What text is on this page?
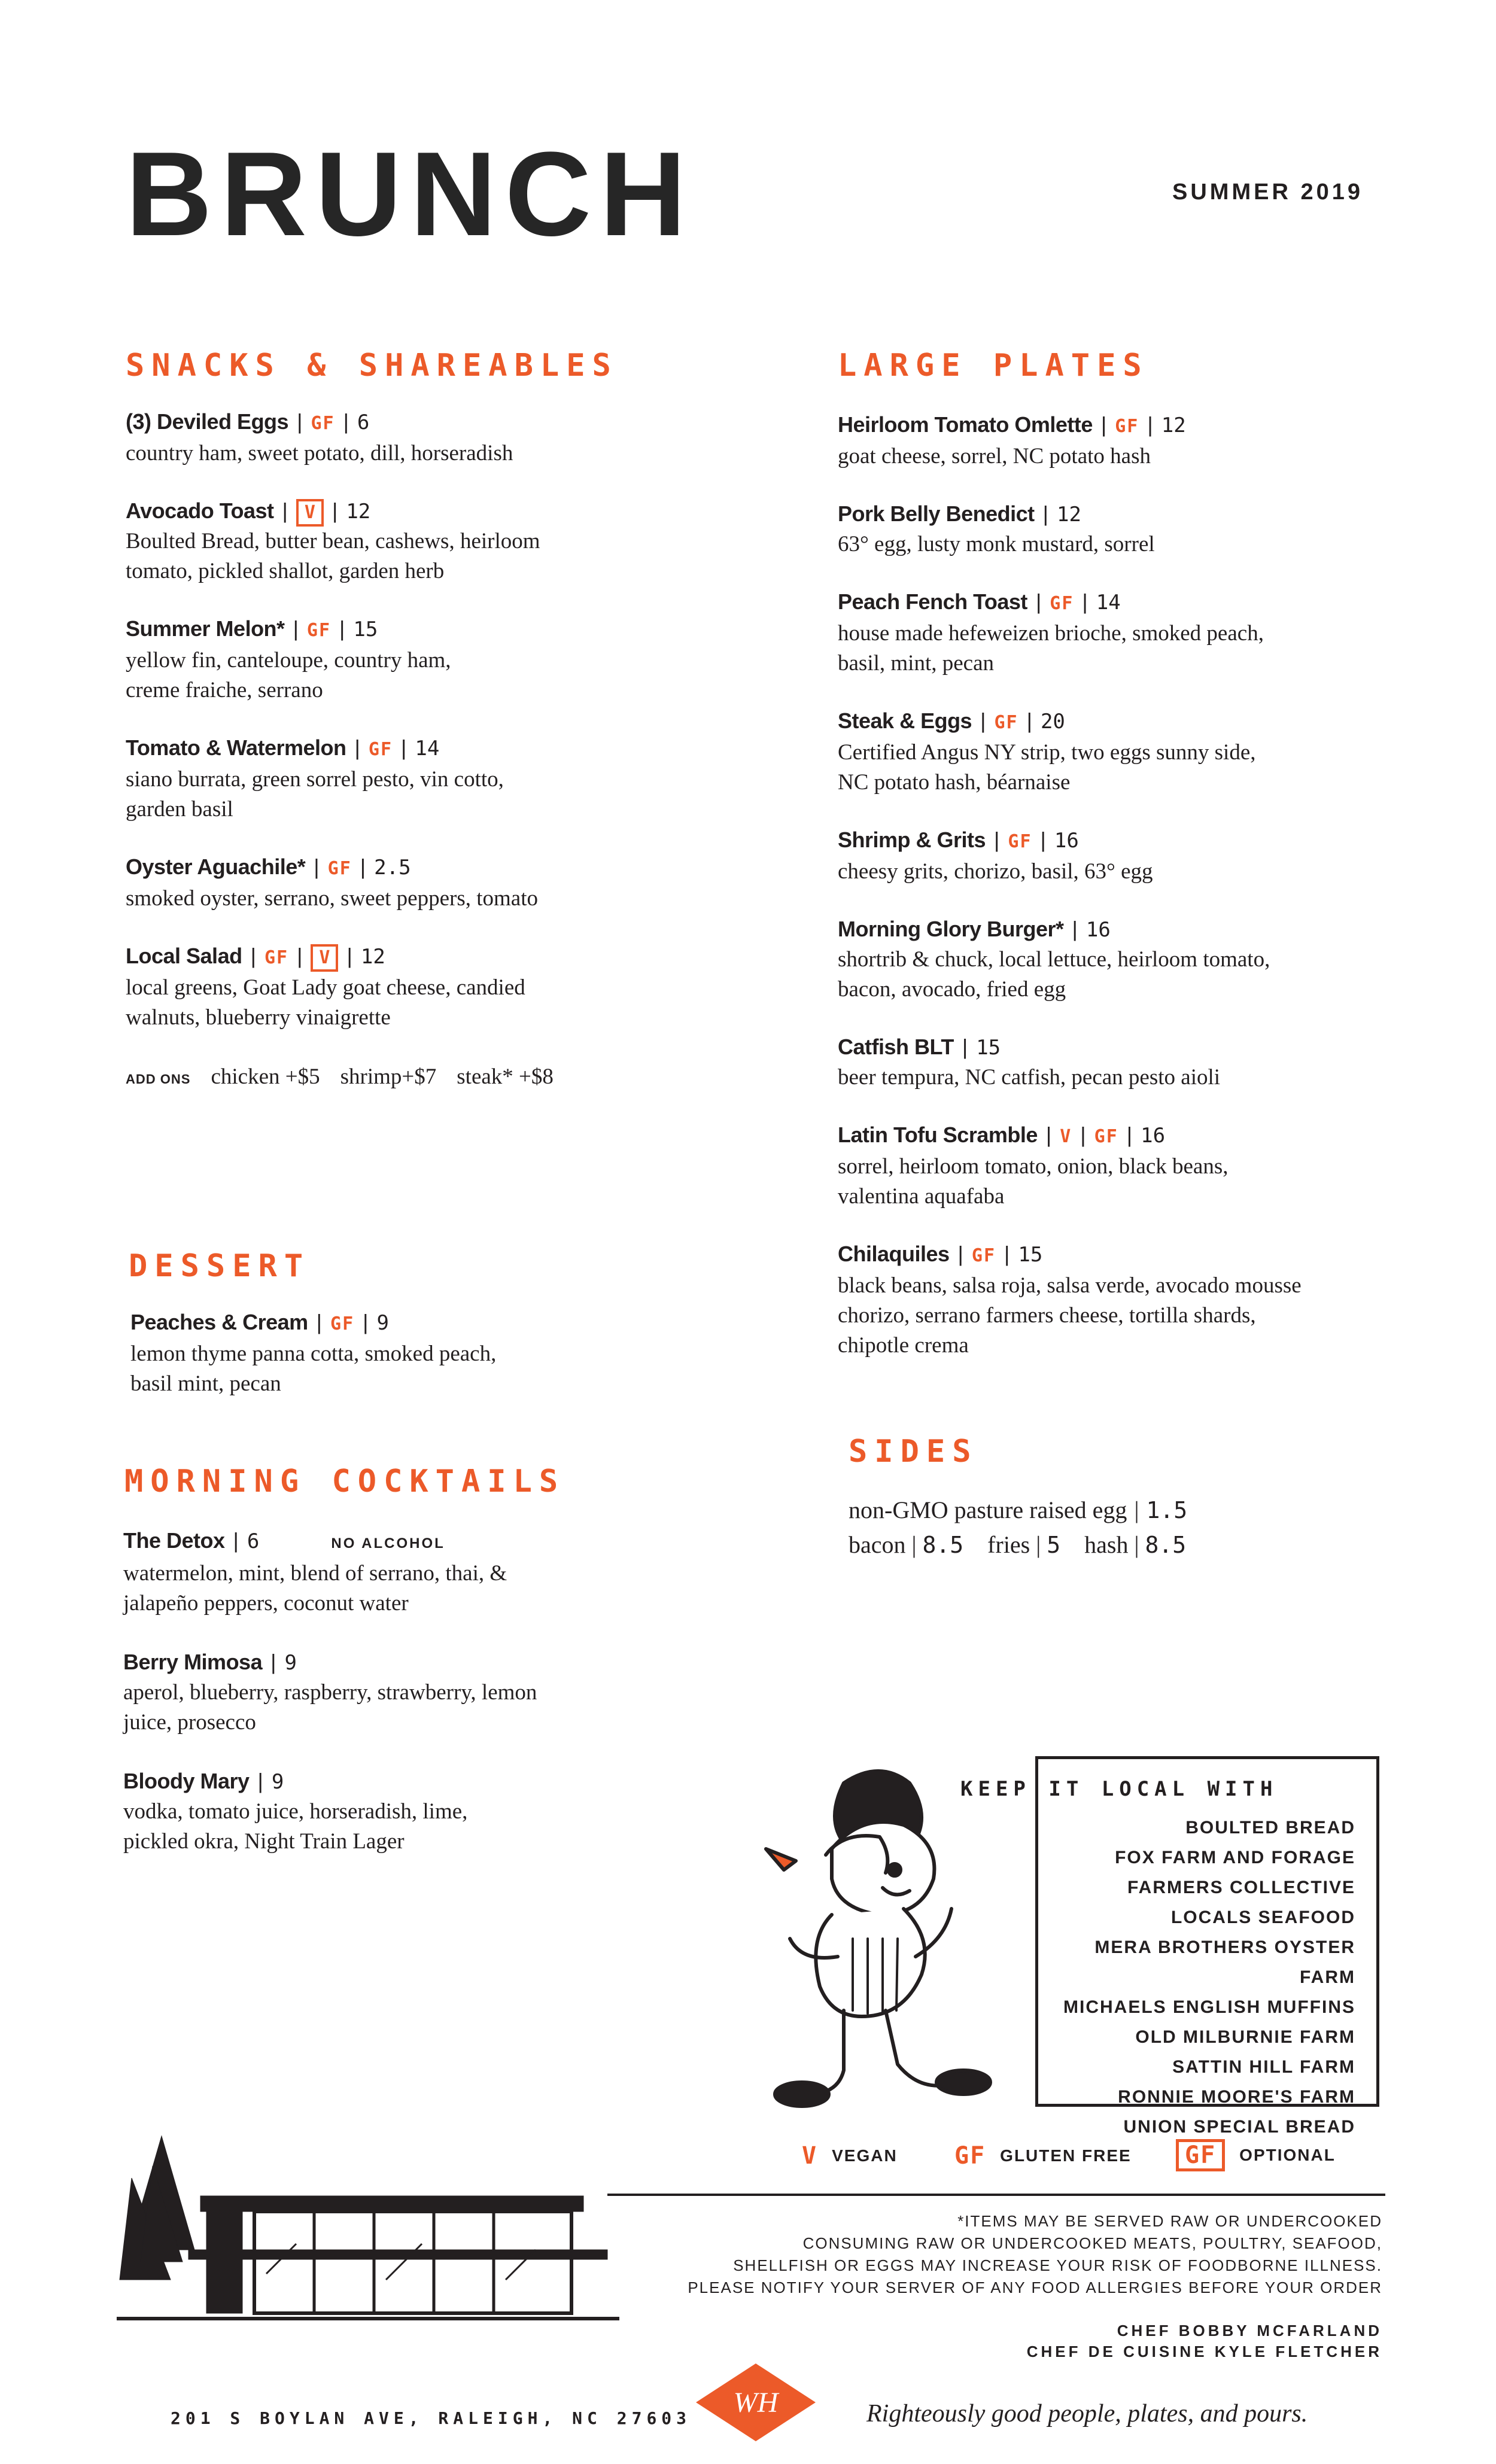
BRUNCH	SUMMER 2019
SNACKS & SHAREABLES
(3) Deviled Eggs | GF | 6
country ham, sweet potato, dill, horseradish
Avocado Toast | V | 12
Boulted Bread, butter bean, cashews, heirloom
tomato, pickled shallot, garden herb
Summer Melon* | GF | 15
yellow fin, canteloupe, country ham,
creme fraiche, serrano
Tomato & Watermelon | GF | 14
siano burrata, green sorrel pesto, vin cotto,
garden basil
Oyster Aguachile* | GF | 2.5
smoked oyster, serrano, sweet peppers, tomato
Local Salad | GF | V | 12
local greens, Goat Lady goat cheese, candied
walnuts, blueberry vinaigrette
ADD ONS chicken +$5 shrimp+$7 steak* +$8
DESSERT
Peaches & Cream | GF | 9
lemon thyme panna cotta, smoked peach,
basil mint, pecan
MORNING COCKTAILS
The Detox | 6	NO ALCOHOL
watermelon, mint, blend of serrano, thai, &
jalapeño peppers, coconut water
Berry Mimosa | 9
aperol, blueberry, raspberry, strawberry, lemon
juice, prosecco
Bloody Mary | 9
vodka, tomato juice, horseradish, lime,
pickled okra, Night Train Lager
LARGE PLATES
Heirloom Tomato Omlette | GF | 12
goat cheese, sorrel, NC potato hash
Pork Belly Benedict | 12
63° egg, lusty monk mustard, sorrel
Peach Fench Toast | GF | 14
house made hefeweizen brioche, smoked peach,
basil, mint, pecan
Steak & Eggs | GF | 20
Certified Angus NY strip, two eggs sunny side,
NC potato hash, béarnaise
Shrimp & Grits | GF | 16
cheesy grits, chorizo, basil, 63° egg
Morning Glory Burger* | 16
shortrib & chuck, local lettuce, heirloom tomato,
bacon, avocado, fried egg
Catfish BLT | 15
beer tempura, NC catfish, pecan pesto aioli
Latin Tofu Scramble | V | GF | 16
sorrel, heirloom tomato, onion, black beans,
valentina aquafaba
Chilaquiles | GF | 15
black beans, salsa roja, salsa verde, avocado mousse
chorizo, serrano farmers cheese, tortilla shards,
chipotle crema
SIDES
non-GMO pasture raised egg | 1.5
bacon | 8.5 fries | 5 hash | 8.5
KEEP IT LOCAL WITH
BOULTED BREAD
FOX FARM AND FORAGE
FARMERS COLLECTIVE
LOCALS SEAFOOD
MERA BROTHERS OYSTER FARM
MICHAELS ENGLISH MUFFINS
OLD MILBURNIE FARM
SATTIN HILL FARM
RONNIE MOORE'S FARM
UNION SPECIAL BREAD
V VEGAN GF GLUTEN FREE	GF	OPTIONAL
*ITEMS MAY BE SERVED RAW OR UNDERCOOKED
CONSUMING RAW OR UNDERCOOKED MEATS, POULTRY, SEAFOOD,
SHELLFISH OR EGGS MAY INCREASE YOUR RISK OF FOODBORNE ILLNESS.
PLEASE NOTIFY YOUR SERVER OF ANY FOOD ALLERGIES BEFORE YOUR ORDER
CHEF BOBBY MCFARLAND
CHEF DE CUISINE KYLE FLETCHER
201 S BOYLAN AVE, RALEIGH, NC 27603 WH	Righteously good people, plates, and pours.
